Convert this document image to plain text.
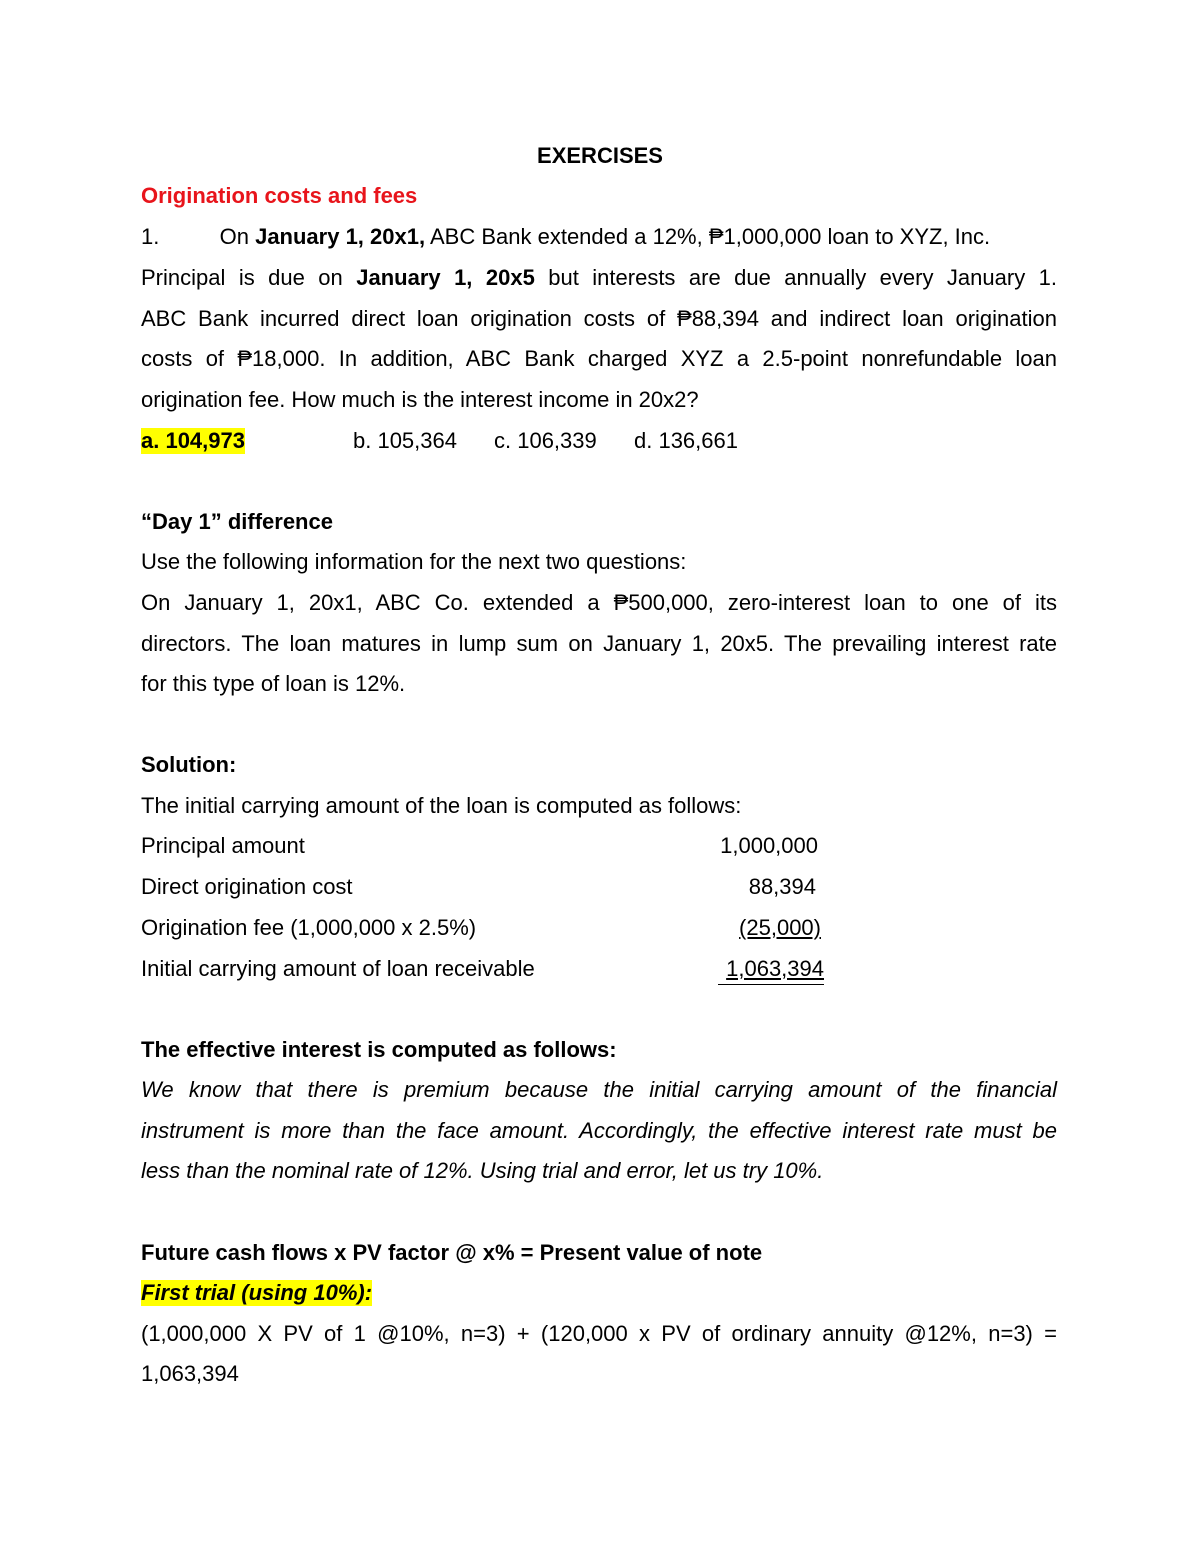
EXERCISES
Origination costs and fees
1.	On January 1, 20x1, ABC Bank extended a 12%, ₱1,000,000 loan to XYZ, Inc.
Principal is due on January 1, 20x5 but interests are due annually every January 1.
ABC Bank incurred direct loan origination costs of ₱88,394 and indirect loan origination
costs of ₱18,000. In addition, ABC Bank charged XYZ a 2.5-point nonrefundable loan
origination fee. How much is the interest income in 20x2?
a. 104,973	b. 105,364 c. 106,339 d. 136,661
“Day 1” difference
Use the following information for the next two questions:
On January 1, 20x1, ABC Co. extended a ₱500,000, zero-interest loan to one of its
directors. The loan matures in lump sum on January 1, 20x5. The prevailing interest rate
for this type of loan is 12%.
Solution:
The initial carrying amount of the loan is computed as follows:
Principal amount	1,000,000
Direct origination cost	88,394
Origination fee (1,000,000 x 2.5%)	(25,000)
Initial carrying amount of loan receivable	1,063,394
The effective interest is computed as follows:
We know that there is premium because the initial carrying amount of the financial
instrument is more than the face amount. Accordingly, the effective interest rate must be
less than the nominal rate of 12%. Using trial and error, let us try 10%.
Future cash flows x PV factor @ x% = Present value of note
First trial (using 10%):
(1,000,000 X PV of 1 @10%, n=3) + (120,000 x PV of ordinary annuity @12%, n=3) =
1,063,394
